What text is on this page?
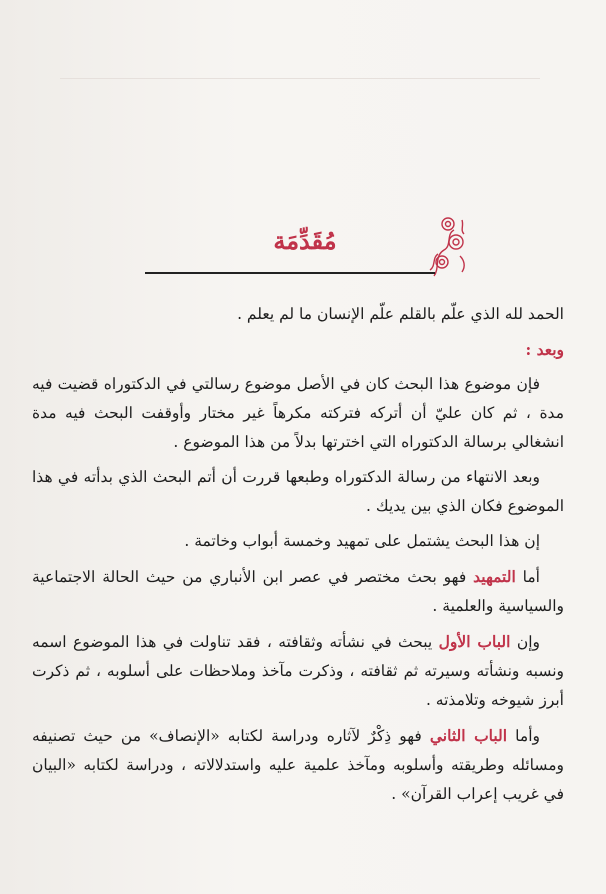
مُقَدِّمَة

الحمد لله الذي علّم بالقلم علّم الإنسان ما لم يعلم .

وبعد :

فإن موضوع هذا البحث كان في الأصل موضوع رسالتي في الدكتوراه قضيت فيه مدة ، ثم كان عليّ أن أتركه فتركته مكرهاً غير مختار وأوقفت البحث فيه مدة انشغالي برسالة الدكتوراه التي اخترتها بدلاً من هذا الموضوع .

وبعد الانتهاء من رسالة الدكتوراه وطبعها قررت أن أتم البحث الذي بدأته في هذا الموضوع فكان الذي بين يديك .

إن هذا البحث يشتمل على تمهيد وخمسة أبواب وخاتمة .

أما التمهيد فهو بحث مختصر في عصر ابن الأنباري من حيث الحالة الاجتماعية والسياسية والعلمية .

وإن الباب الأول يبحث في نشأته وثقافته ، فقد تناولت في هذا الموضوع اسمه ونسبه ونشأته وسيرته ثم ثقافته ، وذكرت مآخذ وملاحظات على أسلوبه ، ثم ذكرت أبرز شيوخه وتلامذته .

وأما الباب الثاني فهو ذِكْرٌ لآثاره ودراسة لكتابه «الإنصاف» من حيث تصنيفه ومسائله وطريقته وأسلوبه ومآخذ علمية عليه واستدلالاته ، ودراسة لكتابه «البيان في غريب إعراب القرآن» .
